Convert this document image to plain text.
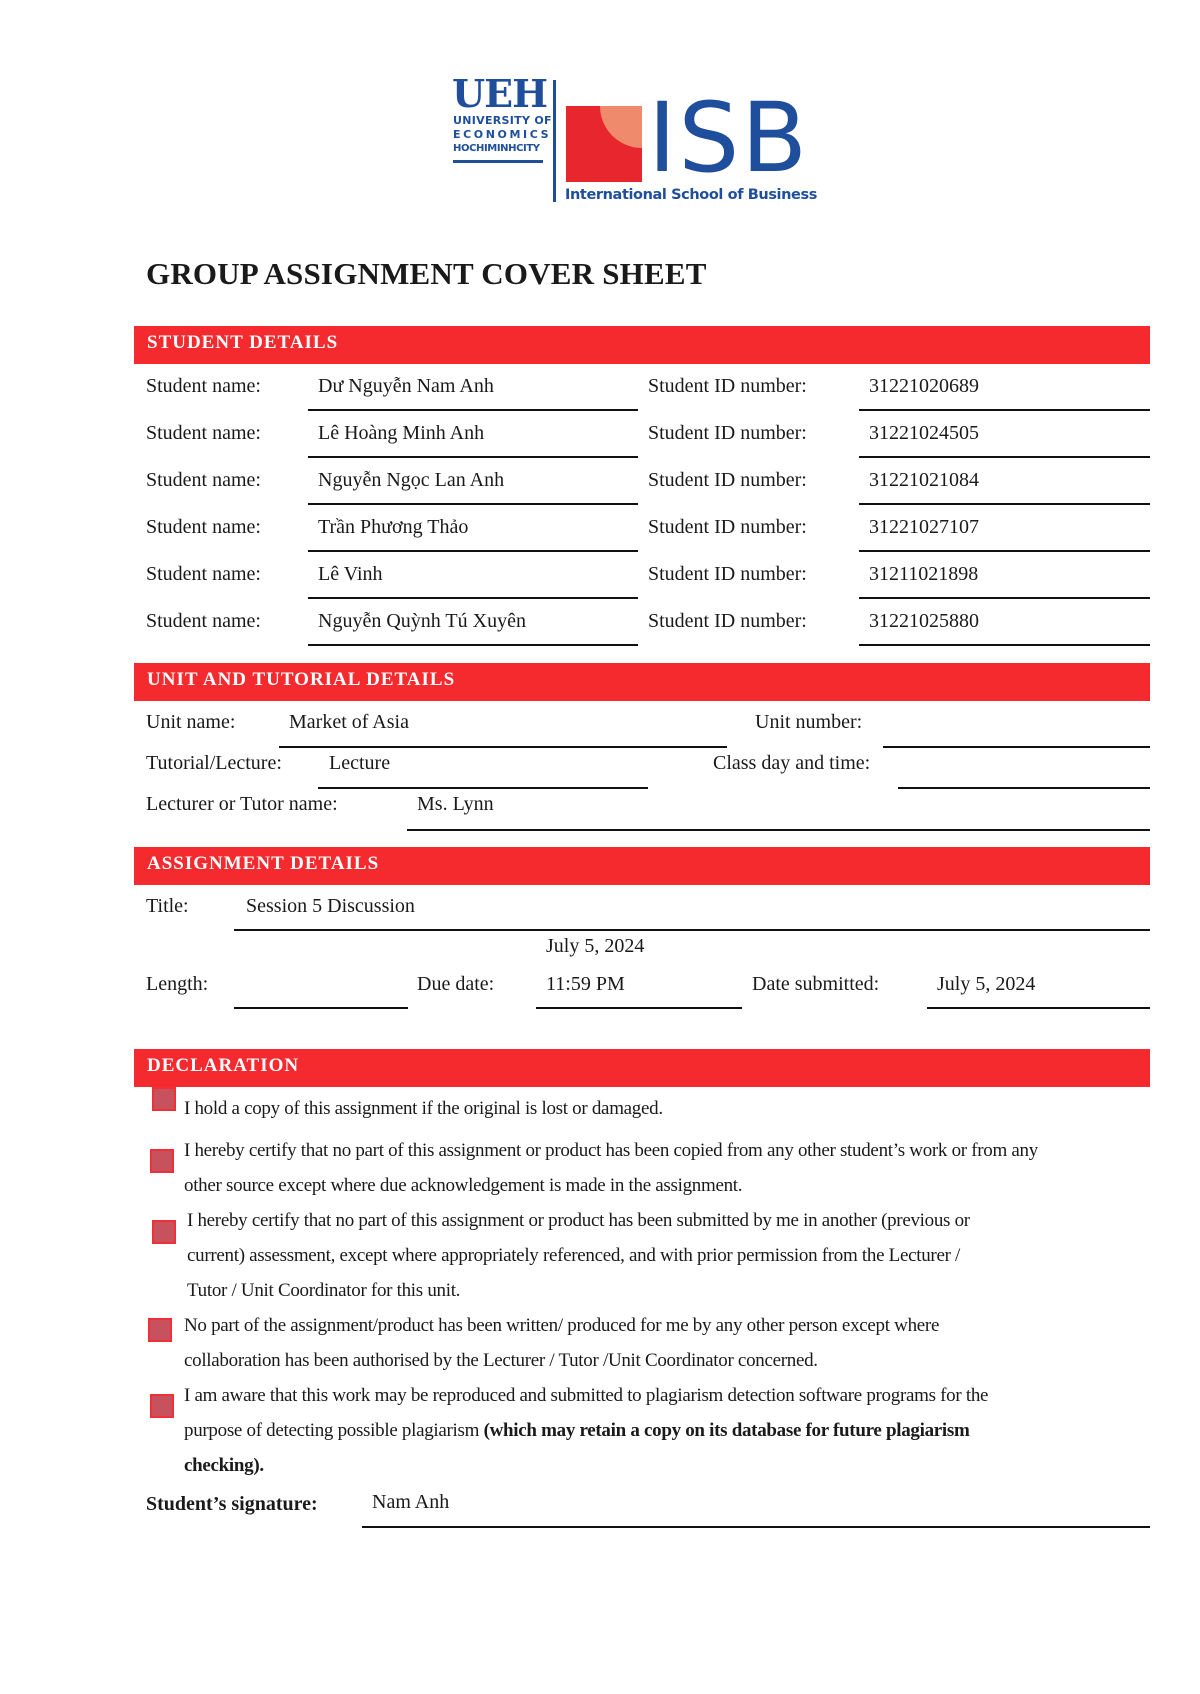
UEH
UNIVERSITY OF
ECONOMICS
HOCHIMINHCITY ISB
International School of Business
GROUP ASSIGNMENT COVER SHEET
STUDENT DETAILS
Student name:	Dư Nguyễn Nam Anh	Student ID number:	31221020689
Student name:	Lê Hoàng Minh Anh	Student ID number:	31221024505
Student name:	Nguyễn Ngọc Lan Anh	Student ID number:	31221021084
Student name:	Trần Phương Thảo	Student ID number:	31221027107
Student name:	Lê Vinh	Student ID number:	31211021898
Student name:	Nguyễn Quỳnh Tú Xuyên	Student ID number:	31221025880
UNIT AND TUTORIAL DETAILS
Unit name:	Market of Asia	Unit number:
Tutorial/Lecture: Lecture	Class day and time:
Lecturer or Tutor name:	Ms. Lynn
ASSIGNMENT DETAILS
Title:	Session 5 Discussion
July 5, 2024
Length:	Due date:	11:59 PM	Date submitted:	July 5, 2024
DECLARATION
I hold a copy of this assignment if the original is lost or damaged.
I hereby certify that no part of this assignment or product has been copied from any other student’s work or from any
other source except where due acknowledgement is made in the assignment.
I hereby certify that no part of this assignment or product has been submitted by me in another (previous or
current) assessment, except where appropriately referenced, and with prior permission from the Lecturer /
Tutor / Unit Coordinator for this unit.
No part of the assignment/product has been written/ produced for me by any other person except where
collaboration has been authorised by the Lecturer / Tutor /Unit Coordinator concerned.
I am aware that this work may be reproduced and submitted to plagiarism detection software programs for the
purpose of detecting possible plagiarism (which may retain a copy on its database for future plagiarism
checking).
Student’s signature:	Nam Anh
